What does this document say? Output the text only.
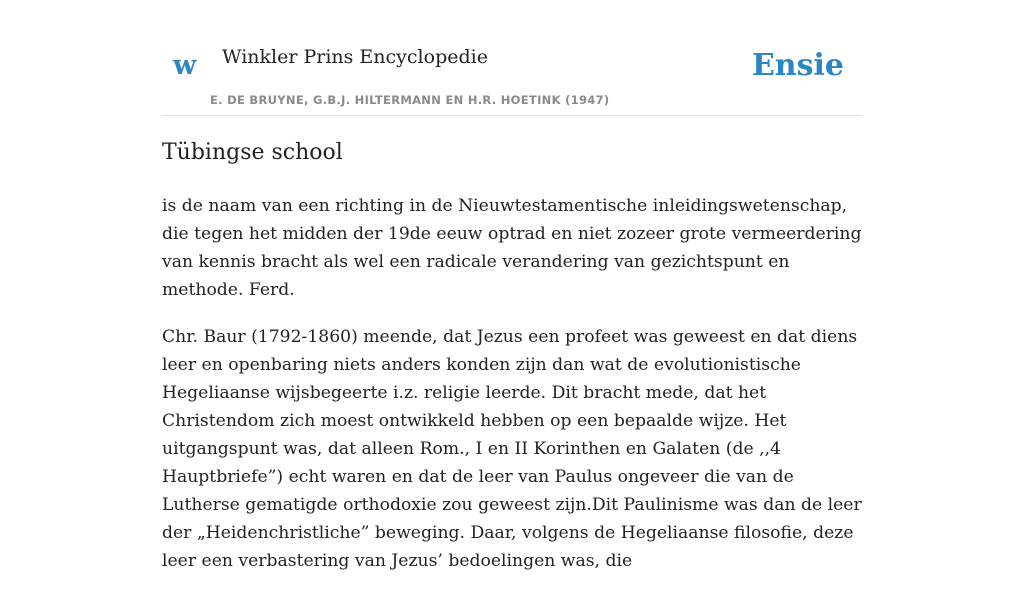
w Winkler Prins Encyclopedie
E. DE BRUYNE, G.B.J. HILTERMANN EN H.R. HOETINK (1947)
Ensie
Tübingse school

is de naam van een richting in de Nieuwtestamentische inleidingswetenschap, die tegen het midden der 19de eeuw optrad en niet zozeer grote vermeerdering van kennis bracht als wel een radicale verandering van gezichtspunt en methode. Ferd.

Chr. Baur (1792-1860) meende, dat Jezus een profeet was geweest en dat diens leer en openbaring niets anders konden zijn dan wat de evolutionistische Hegeliaanse wijsbegeerte i.z. religie leerde. Dit bracht mede, dat het Christendom zich moest ontwikkeld hebben op een bepaalde wijze. Het uitgangspunt was, dat alleen Rom., I en II Korinthen en Galaten (de ,,4 Hauptbriefe”) echt waren en dat de leer van Paulus ongeveer die van de Lutherse gematigde orthodoxie zou geweest zijn.Dit Paulinisme was dan de leer der „Heidenchristliche” beweging. Daar, volgens de Hegeliaanse filosofie, deze leer een verbastering van Jezus’ bedoelingen was, die
